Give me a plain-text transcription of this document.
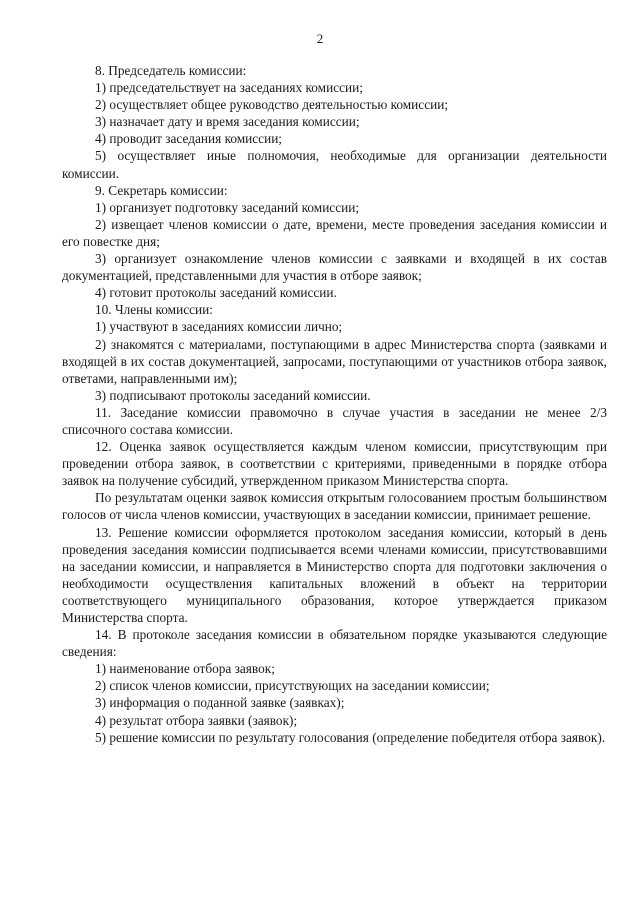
2

8. Председатель комиссии:

1) председательствует на заседаниях комиссии;

2) осуществляет общее руководство деятельностью комиссии;

3) назначает дату и время заседания комиссии;

4) проводит заседания комиссии;

5) осуществляет иные полномочия, необходимые для организации деятельности комиссии.

9. Секретарь комиссии:

1) организует подготовку заседаний комиссии;

2) извещает членов комиссии о дате, времени, месте проведения заседания комиссии и его повестке дня;

3) организует ознакомление членов комиссии с заявками и входящей в их состав документацией, представленными для участия в отборе заявок;

4) готовит протоколы заседаний комиссии.

10. Члены комиссии:

1) участвуют в заседаниях комиссии лично;

2) знакомятся с материалами, поступающими в адрес Министерства спорта (заявками и входящей в их состав документацией, запросами, поступающими от участников отбора заявок, ответами, направленными им);

3) подписывают протоколы заседаний комиссии.

11. Заседание комиссии правомочно в случае участия в заседании не менее 2/3 списочного состава комиссии.

12. Оценка заявок осуществляется каждым членом комиссии, присутствующим при проведении отбора заявок, в соответствии с критериями, приведенными в порядке отбора заявок на получение субсидий, утвержденном приказом Министерства спорта.

По результатам оценки заявок комиссия открытым голосованием простым большинством голосов от числа членов комиссии, участвующих в заседании комиссии, принимает решение.

13. Решение комиссии оформляется протоколом заседания комиссии, который в день проведения заседания комиссии подписывается всеми членами комиссии, присутствовавшими на заседании комиссии, и направляется в Министерство спорта для подготовки заключения о необходимости осуществления капитальных вложений в объект на территории соответствующего муниципального образования, которое утверждается приказом Министерства спорта.

14. В протоколе заседания комиссии в обязательном порядке указываются следующие сведения:

1) наименование отбора заявок;

2) список членов комиссии, присутствующих на заседании комиссии;

3) информация о поданной заявке (заявках);

4) результат отбора заявки (заявок);

5) решение комиссии по результату голосования (определение победителя отбора заявок).
